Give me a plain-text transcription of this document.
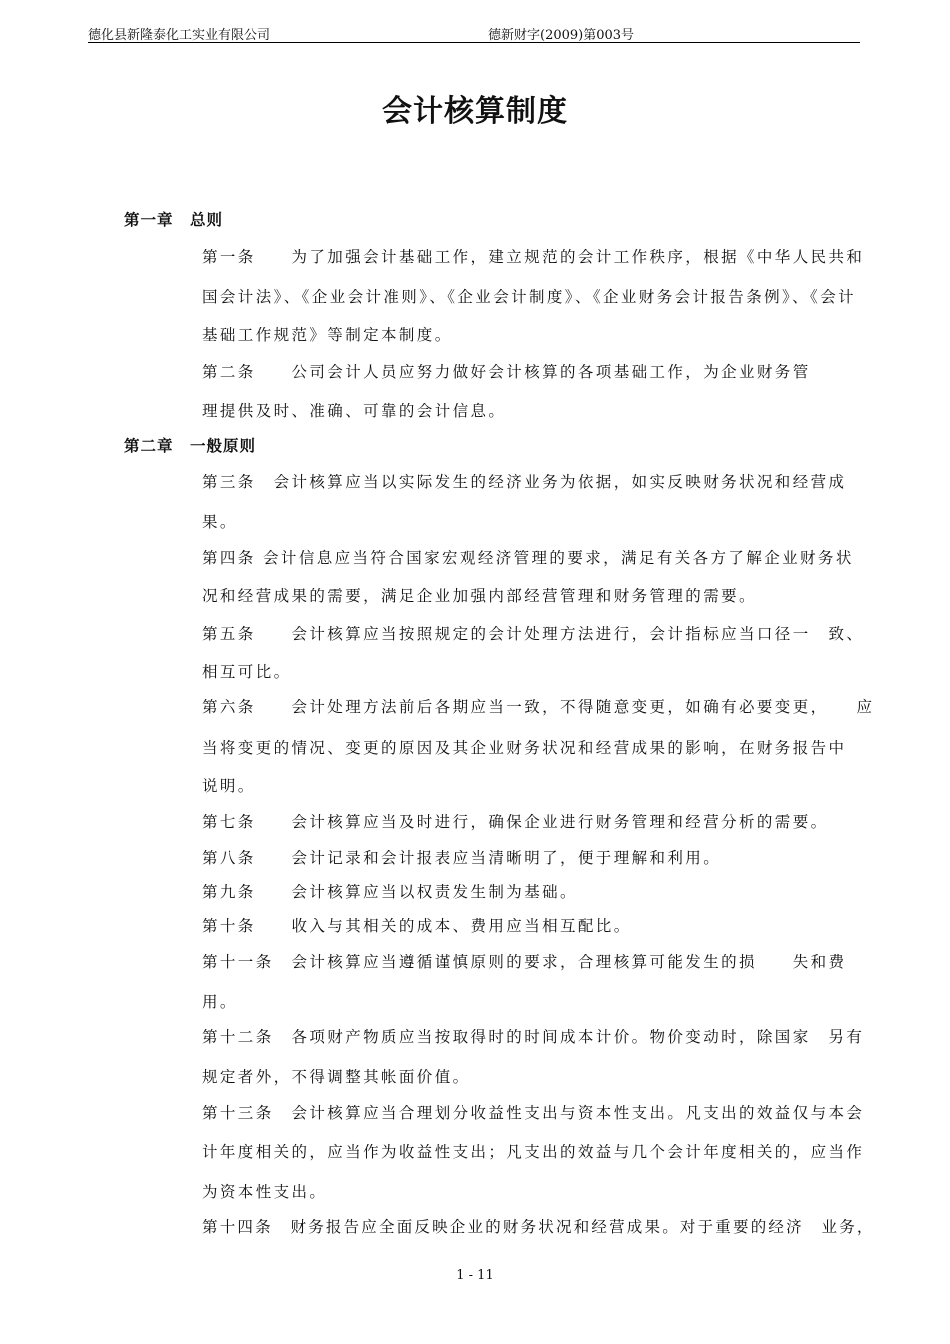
德化县新隆泰化工实业有限公司	德新财字(2009)第003号
会计核算制度
第一章　总则
第一条　　为了加强会计基础工作，建立规范的会计工作秩序，根据《中华人民共和
国会计法》、《企业会计准则》、《企业会计制度》、《企业财务会计报告条例》、《会计
基础工作规范》等制定本制度。
第二条　　公司会计人员应努力做好会计核算的各项基础工作，为企业财务管
理提供及时、准确、可靠的会计信息。
第二章　一般原则
第三条　会计核算应当以实际发生的经济业务为依据，如实反映财务状况和经营成
果。
第四条 会计信息应当符合国家宏观经济管理的要求，满足有关各方了解企业财务状
况和经营成果的需要，满足企业加强内部经营管理和财务管理的需要。
第五条　　会计核算应当按照规定的会计处理方法进行，会计指标应当口径一　致、
相互可比。
第六条　　会计处理方法前后各期应当一致，不得随意变更，如确有必要变更，　　应
当将变更的情况、变更的原因及其企业财务状况和经营成果的影响，在财务报告中
说明。
第七条　　会计核算应当及时进行，确保企业进行财务管理和经营分析的需要。
第八条　　会计记录和会计报表应当清晰明了，便于理解和利用。
第九条　　会计核算应当以权责发生制为基础。
第十条　　收入与其相关的成本、费用应当相互配比。
第十一条　会计核算应当遵循谨慎原则的要求，合理核算可能发生的损　　失和费
用。
第十二条　各项财产物质应当按取得时的时间成本计价。物价变动时，除国家　另有
规定者外，不得调整其帐面价值。
第十三条　会计核算应当合理划分收益性支出与资本性支出。凡支出的效益仅与本会
计年度相关的，应当作为收益性支出；凡支出的效益与几个会计年度相关的，应当作
为资本性支出。
第十四条　财务报告应全面反映企业的财务状况和经营成果。对于重要的经济　业务，
1 - 11
